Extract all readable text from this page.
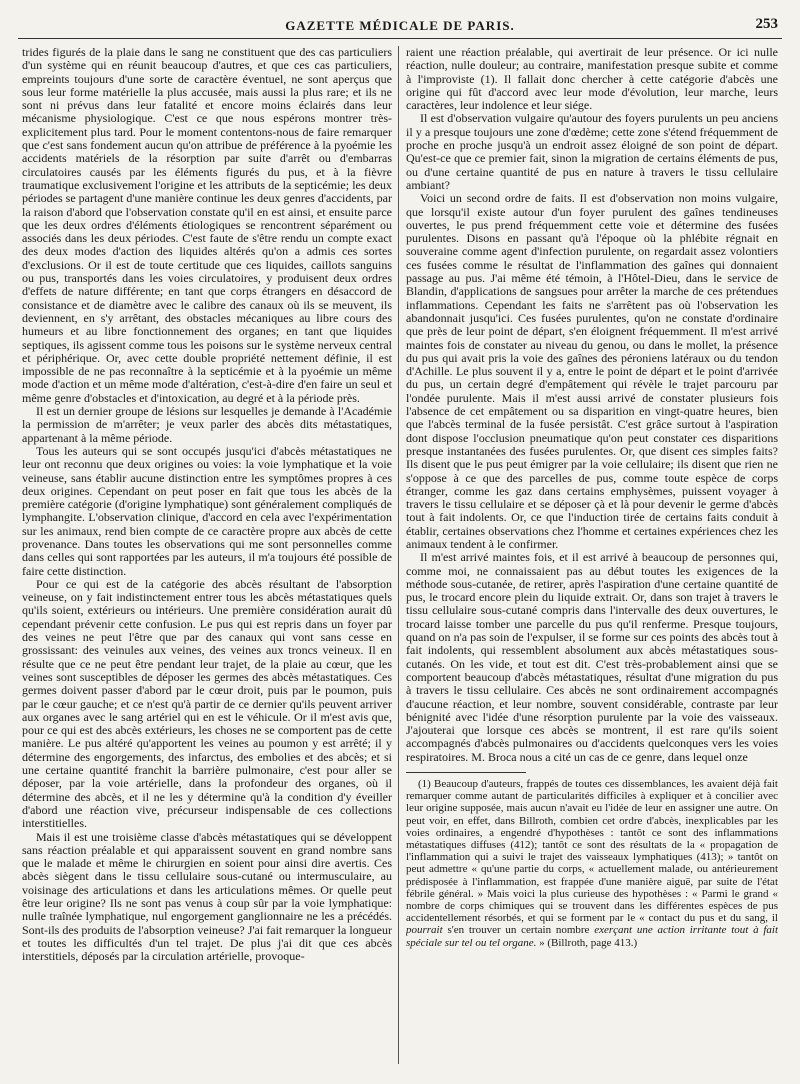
GAZETTE MÉDICALE DE PARIS.	253

trides figurés de la plaie dans le sang ne constituent que des cas particuliers d'un système qui en réunit beaucoup d'autres, et que ces cas particuliers, empreints toujours d'une sorte de caractère éventuel, ne sont aperçus que sous leur forme matérielle la plus accusée, mais aussi la plus rare; et ils ne sont ni prévus dans leur fatalité et encore moins éclairés dans leur mécanisme physiologique. C'est ce que nous espérons montrer très-explicitement plus tard. Pour le moment contentons-nous de faire remarquer que c'est sans fondement aucun qu'on attribue de préférence à la pyoémie les accidents matériels de la résorption par suite d'arrêt ou d'embarras circulatoires causés par les éléments figurés du pus, et à la fièvre traumatique exclusivement l'origine et les attributs de la septicémie; les deux périodes se partagent d'une manière continue les deux genres d'accidents, par la raison d'abord que l'observation constate qu'il en est ainsi, et ensuite parce que les deux ordres d'éléments étiologiques se rencontrent séparément ou associés dans les deux périodes. C'est faute de s'être rendu un compte exact des deux modes d'action des liquides altérés qu'on a admis ces sortes d'exclusions. Or il est de toute certitude que ces liquides, caillots sanguins ou pus, transportés dans les voies circulatoires, y produisent deux ordres d'effets de nature différente; en tant que corps étrangers en désaccord de consistance et de diamètre avec le calibre des canaux où ils se meuvent, ils deviennent, en s'y arrêtant, des obstacles mécaniques au libre cours des humeurs et au libre fonctionnement des organes; en tant que liquides septiques, ils agissent comme tous les poisons sur le système nerveux central et périphérique. Or, avec cette double propriété nettement définie, il est impossible de ne pas reconnaître à la septicémie et à la pyoémie un même mode d'action et un même mode d'altération, c'est-à-dire d'en faire un seul et même genre d'obstacles et d'intoxication, au degré et à la période près.

Il est un dernier groupe de lésions sur lesquelles je demande à l'Académie la permission de m'arrêter; je veux parler des abcès dits métastatiques, appartenant à la même période.

Tous les auteurs qui se sont occupés jusqu'ici d'abcès métastatiques ne leur ont reconnu que deux origines ou voies: la voie lymphatique et la voie veineuse, sans établir aucune distinction entre les symptômes propres à ces deux origines. Cependant on peut poser en fait que tous les abcès de la première catégorie (d'origine lymphatique) sont généralement compliqués de lymphangite. L'observation clinique, d'accord en cela avec l'expérimentation sur les animaux, rend bien compte de ce caractère propre aux abcès de cette provenance. Dans toutes les observations qui me sont personnelles comme dans celles qui sont rapportées par les auteurs, il m'a toujours été possible de faire cette distinction.

Pour ce qui est de la catégorie des abcès résultant de l'absorption veineuse, on y fait indistinctement entrer tous les abcès métastatiques quels qu'ils soient, extérieurs ou intérieurs. Une première considération aurait dû cependant prévenir cette confusion. Le pus qui est repris dans un foyer par des veines ne peut l'être que par des canaux qui vont sans cesse en grossissant: des veinules aux veines, des veines aux troncs veineux. Il en résulte que ce ne peut être pendant leur trajet, de la plaie au cœur, que les veines sont susceptibles de déposer les germes des abcès métastatiques. Ces germes doivent passer d'abord par le cœur droit, puis par le poumon, puis par le cœur gauche; et ce n'est qu'à partir de ce dernier qu'ils peuvent arriver aux organes avec le sang artériel qui en est le véhicule. Or il m'est avis que, pour ce qui est des abcès extérieurs, les choses ne se comportent pas de cette manière. Le pus altéré qu'apportent les veines au poumon y est arrêté; il y détermine des engorgements, des infarctus, des embolies et des abcès; et si une certaine quantité franchit la barrière pulmonaire, c'est pour aller se déposer, par la voie artérielle, dans la profondeur des organes, où il détermine des abcès, et il ne les y détermine qu'à la condition d'y éveiller d'abord une réaction vive, précurseur indispensable de ces collections interstitielles.

Mais il est une troisième classe d'abcès métastatiques qui se développent sans réaction préalable et qui apparaissent souvent en grand nombre sans que le malade et même le chirurgien en soient pour ainsi dire avertis. Ces abcès siègent dans le tissu cellulaire sous-cutané ou intermusculaire, au voisinage des articulations et dans les articulations mêmes. Or quelle peut être leur origine? Ils ne sont pas venus à coup sûr par la voie lymphatique: nulle traînée lymphatique, nul engorgement ganglionnaire ne les a précédés. Sont-ils des produits de l'absorption veineuse? J'ai fait remarquer la longueur et toutes les difficultés d'un tel trajet. De plus j'ai dit que ces abcès interstitiels, déposés par la circulation artérielle, provoque-

raient une réaction préalable, qui avertirait de leur présence. Or ici nulle réaction, nulle douleur; au contraire, manifestation presque subite et comme à l'improviste (1). Il fallait donc chercher à cette catégorie d'abcès une origine qui fût d'accord avec leur mode d'évolution, leur marche, leurs caractères, leur indolence et leur siége.

Il est d'observation vulgaire qu'autour des foyers purulents un peu anciens il y a presque toujours une zone d'œdème; cette zone s'étend fréquemment de proche en proche jusqu'à un endroit assez éloigné de son point de départ. Qu'est-ce que ce premier fait, sinon la migration de certains éléments de pus, ou d'une certaine quantité de pus en nature à travers le tissu cellulaire ambiant?

Voici un second ordre de faits. Il est d'observation non moins vulgaire, que lorsqu'il existe autour d'un foyer purulent des gaînes tendineuses ouvertes, le pus prend fréquemment cette voie et détermine des fusées purulentes. Disons en passant qu'à l'époque où la phlébite régnait en souveraine comme agent d'infection purulente, on regardait assez volontiers ces fusées comme le résultat de l'inflammation des gaînes qui donnaient passage au pus. J'ai même été témoin, à l'Hôtel-Dieu, dans le service de Blandin, d'applications de sangsues pour arrêter la marche de ces prétendues inflammations. Cependant les faits ne s'arrêtent pas où l'observation les abandonnait jusqu'ici. Ces fusées purulentes, qu'on ne constate d'ordinaire que près de leur point de départ, s'en éloignent fréquemment. Il m'est arrivé maintes fois de constater au niveau du genou, ou dans le mollet, la présence du pus qui avait pris la voie des gaînes des péroniens latéraux ou du tendon d'Achille. Le plus souvent il y a, entre le point de départ et le point d'arrivée du pus, un certain degré d'empâtement qui révèle le trajet parcouru par l'ondée purulente. Mais il m'est aussi arrivé de constater plusieurs fois l'absence de cet empâtement ou sa disparition en vingt-quatre heures, bien que l'abcès terminal de la fusée persistât. C'est grâce surtout à l'aspiration dont dispose l'occlusion pneumatique qu'on peut constater ces disparitions presque instantanées des fusées purulentes. Or, que disent ces simples faits? Ils disent que le pus peut émigrer par la voie cellulaire; ils disent que rien ne s'oppose à ce que des parcelles de pus, comme toute espèce de corps étranger, comme les gaz dans certains emphysèmes, puissent voyager à travers le tissu cellulaire et se déposer çà et là pour devenir le germe d'abcès tout à fait indolents. Or, ce que l'induction tirée de certains faits conduit à établir, certaines observations chez l'homme et certaines expériences chez les animaux tendent à le confirmer.

Il m'est arrivé maintes fois, et il est arrivé à beaucoup de personnes qui, comme moi, ne connaissaient pas au début toutes les exigences de la méthode sous-cutanée, de retirer, après l'aspiration d'une certaine quantité de pus, le trocard encore plein du liquide extrait. Or, dans son trajet à travers le tissu cellulaire sous-cutané compris dans l'intervalle des deux ouvertures, le trocard laisse tomber une parcelle du pus qu'il renferme. Presque toujours, quand on n'a pas soin de l'expulser, il se forme sur ces points des abcès tout à fait indolents, qui ressemblent absolument aux abcès métastatiques sous-cutanés. On les vide, et tout est dit. C'est très-probablement ainsi que se comportent beaucoup d'abcès métastatiques, résultat d'une migration du pus à travers le tissu cellulaire. Ces abcès ne sont ordinairement accompagnés d'aucune réaction, et leur nombre, souvent considérable, contraste par leur bénignité avec l'idée d'une résorption purulente par la voie des vaisseaux. J'ajouterai que lorsque ces abcès se montrent, il est rare qu'ils soient accompagnés d'abcès pulmonaires ou d'accidents quelconques vers les voies respiratoires. M. Broca nous a cité un cas de ce genre, dans lequel onze

(1) Beaucoup d'auteurs, frappés de toutes ces dissemblances, les avaient déjà fait remarquer comme autant de particularités difficiles à expliquer et à concilier avec leur origine supposée, mais aucun n'avait eu l'idée de leur en assigner une autre. On peut voir, en effet, dans Billroth, combien cet ordre d'abcès, inexplicables par les voies ordinaires, a engendré d'hypothèses : tantôt ce sont des inflammations métastatiques diffuses (412); tantôt ce sont des résultats de la « propagation de l'inflammation qui a suivi le trajet des vaisseaux lymphatiques (413); » tantôt on peut admettre « qu'une partie du corps, « actuellement malade, ou antérieurement prédisposée à l'inflammation, est frappée d'une manière aiguë, par suite de l'état fébrile général. » Mais voici la plus curieuse des hypothèses : « Parmi le grand « nombre de corps chimiques qui se trouvent dans les différentes espèces de pus accidentellement résorbés, et qui se forment par le « contact du pus et du sang, il pourrait s'en trouver un certain nombre exerçant une action irritante tout à fait spéciale sur tel ou tel organe. » (Billroth, page 413.)
